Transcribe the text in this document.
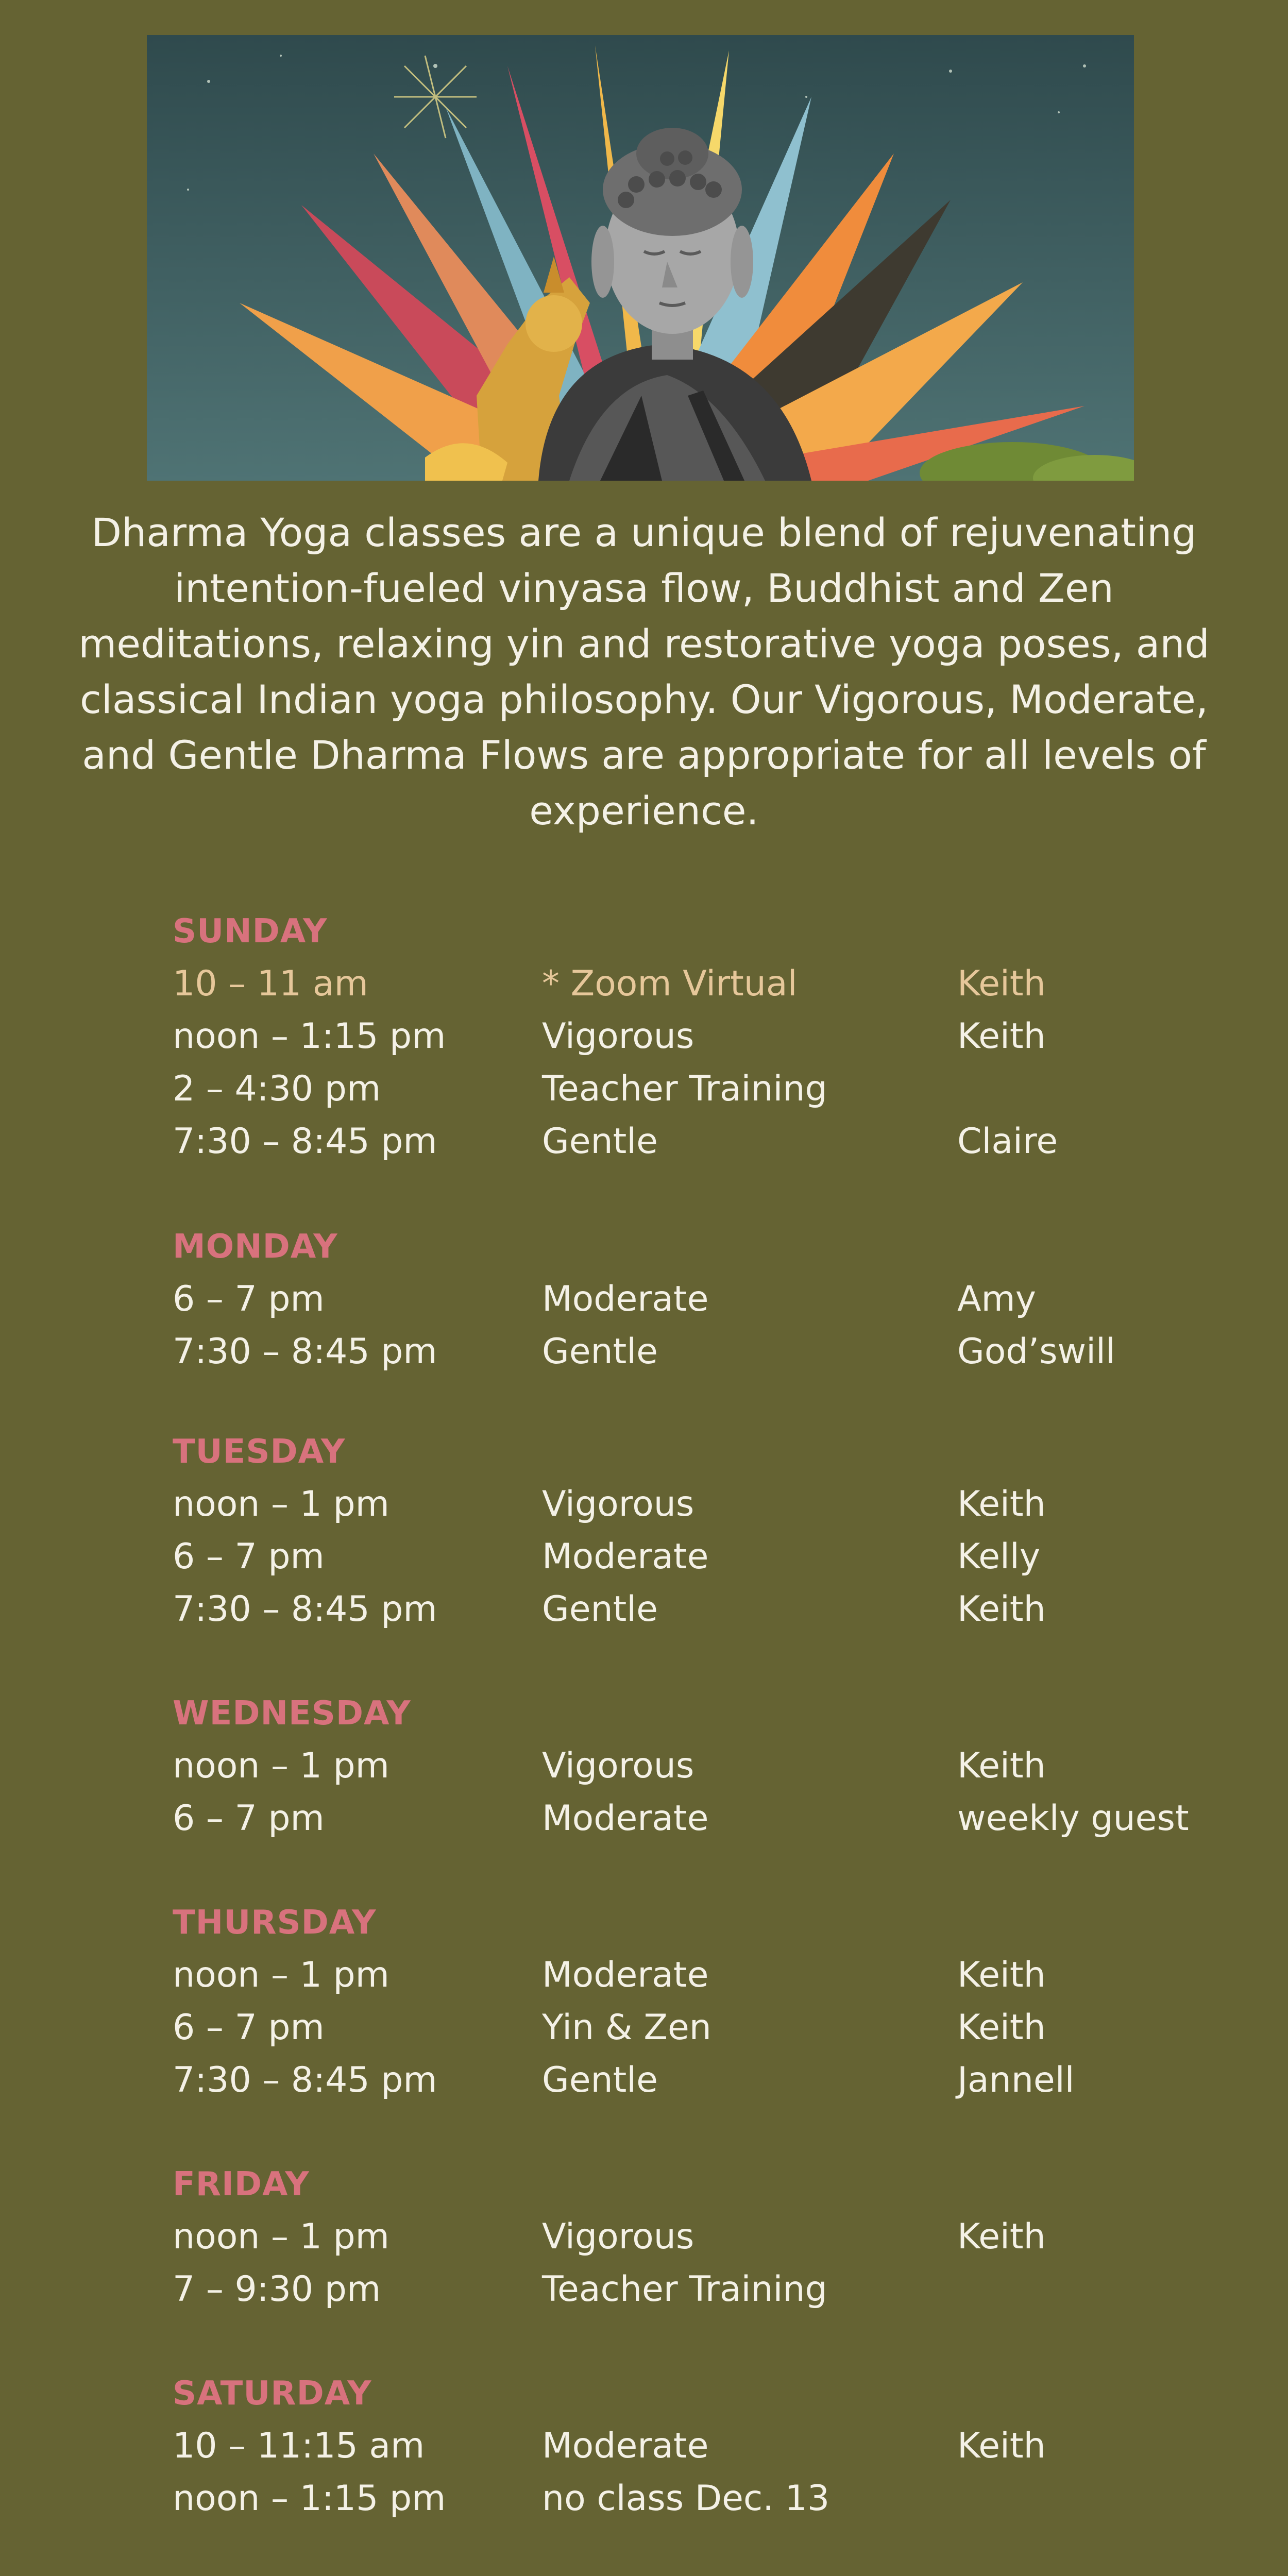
Dharma Yoga classes are a unique blend of rejuvenating intention-fueled vinyasa flow, Buddhist and Zen meditations, relaxing yin and restorative yoga poses, and classical Indian yoga philosophy. Our Vigorous, Moderate, and Gentle Dharma Flows are appropriate for all levels of experience.

SUNDAY
10 – 11 am	* Zoom Virtual	Keith
noon – 1:15 pm	Vigorous	Keith
2 – 4:30 pm	Teacher Training
7:30 – 8:45 pm	Gentle	Claire
MONDAY
6 – 7 pm	Moderate	Amy
7:30 – 8:45 pm	Gentle	God’swill
TUESDAY
noon – 1 pm	Vigorous	Keith
6 – 7 pm	Moderate	Kelly
7:30 – 8:45 pm	Gentle	Keith
WEDNESDAY
noon – 1 pm	Vigorous	Keith
6 – 7 pm	Moderate	weekly guest
THURSDAY
noon – 1 pm	Moderate	Keith
6 – 7 pm	Yin & Zen	Keith
7:30 – 8:45 pm	Gentle	Jannell
FRIDAY
noon – 1 pm	Vigorous	Keith
7 – 9:30 pm	Teacher Training
SATURDAY
10 – 11:15 am	Moderate	Keith
noon – 1:15 pm	no class Dec. 13
